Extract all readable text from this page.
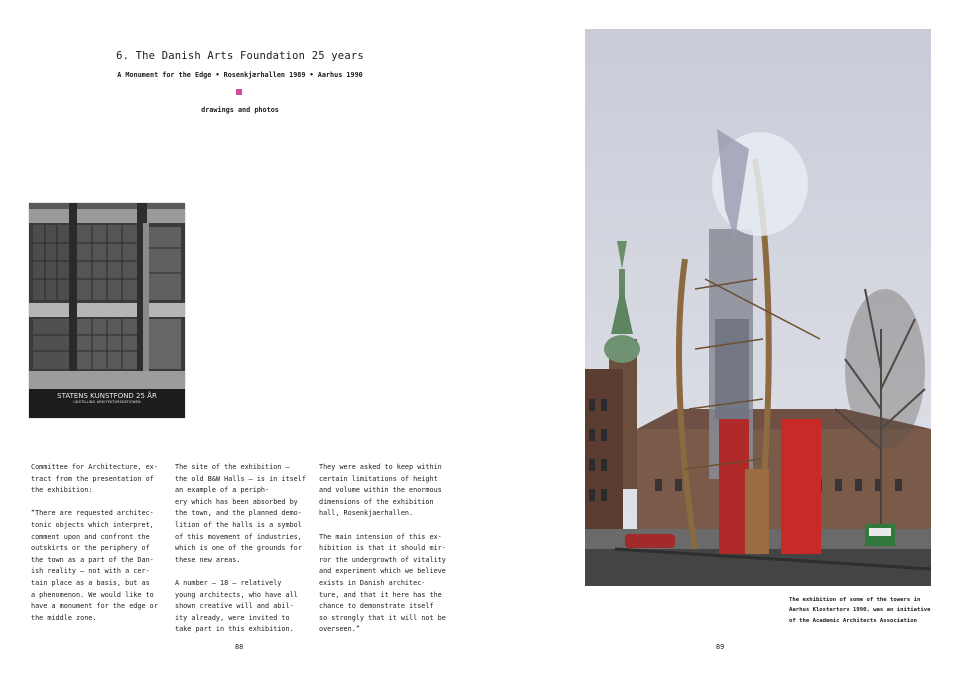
6. The Danish Arts Foundation 25 years
A Monument for the Edge • Rosenkjærhallen 1989 • Aarhus 1990
drawings and photos
STATENS KUNSTFOND 25 ÅR
UDSTILLING ARKITEKTURSEKTIONEN
Committee for Architecture, ex-
tract from the presentation of
the exhibition:

“There are requested architec-
tonic objects which interpret,
comment upon and confront the
outskirts or the periphery of
the town as a part of the Dan-
ish reality – not with a cer-
tain place as a basis, but as
a phenomenon. We would like to
have a monument for the edge or
the middle zone.
The site of the exhibition –
the old B&W Halls – is in itself
an example of a periph-
ery which has been absorbed by
the town, and the planned demo-
lition of the halls is a symbol
of this movement of industries,
which is one of the grounds for
these new areas.

A number – 18 – relatively
young architects, who have all
shown creative will and abil-
ity already, were invited to
take part in this exhibition.
They were asked to keep within
certain limitations of height
and volume within the enormous
dimensions of the exhibition
hall, Rosenkjaerhallen.

The main intension of this ex-
hibition is that it should mir-
ror the undergrowth of vitality
and experiment which we believe
exists in Danish architec-
ture, and that it here has the
chance to demonstrate itself
so strongly that it will not be
overseen.”
88
The exhibition of some of the towers in
Aarhus Klostertorv 1990, was an initiative
of the Academic Architects Association
89
